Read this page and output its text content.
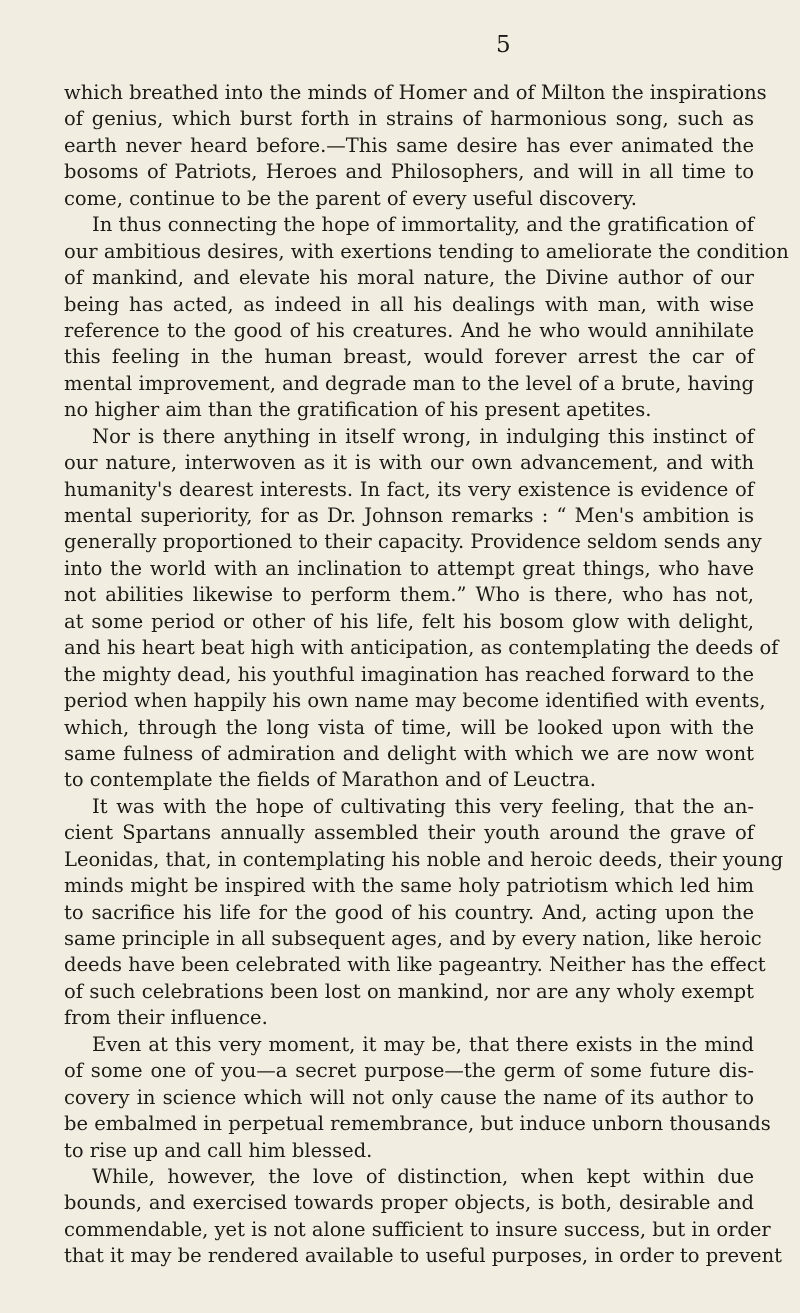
5
which breathed into the minds of Homer and of Milton the inspirations
of genius, which burst forth in strains of harmonious song, such as
earth never heard before.—This same desire has ever animated the
bosoms of Patriots, Heroes and Philosophers, and will in all time to
come, continue to be the parent of every useful discovery.
In thus connecting the hope of immortality, and the gratification of
our ambitious desires, with exertions tending to ameliorate the condition
of mankind, and elevate his moral nature, the Divine author of our
being has acted, as indeed in all his dealings with man, with wise
reference to the good of his creatures. And he who would annihilate
this feeling in the human breast, would forever arrest the car of
mental improvement, and degrade man to the level of a brute, having
no higher aim than the gratification of his present apetites.
Nor is there anything in itself wrong, in indulging this instinct of
our nature, interwoven as it is with our own advancement, and with
humanity's dearest interests. In fact, its very existence is evidence of
mental superiority, for as Dr. Johnson remarks : “ Men's ambition is
generally proportioned to their capacity. Providence seldom sends any
into the world with an inclination to attempt great things, who have
not abilities likewise to perform them.” Who is there, who has not,
at some period or other of his life, felt his bosom glow with delight,
and his heart beat high with anticipation, as contemplating the deeds of
the mighty dead, his youthful imagination has reached forward to the
period when happily his own name may become identified with events,
which, through the long vista of time, will be looked upon with the
same fulness of admiration and delight with which we are now wont
to contemplate the fields of Marathon and of Leuctra.
It was with the hope of cultivating this very feeling, that the an-
cient Spartans annually assembled their youth around the grave of
Leonidas, that, in contemplating his noble and heroic deeds, their young
minds might be inspired with the same holy patriotism which led him
to sacrifice his life for the good of his country. And, acting upon the
same principle in all subsequent ages, and by every nation, like heroic
deeds have been celebrated with like pageantry. Neither has the effect
of such celebrations been lost on mankind, nor are any wholy exempt
from their influence.
Even at this very moment, it may be, that there exists in the mind
of some one of you—a secret purpose—the germ of some future dis-
covery in science which will not only cause the name of its author to
be embalmed in perpetual remembrance, but induce unborn thousands
to rise up and call him blessed.
While, however, the love of distinction, when kept within due
bounds, and exercised towards proper objects, is both, desirable and
commendable, yet is not alone sufficient to insure success, but in order
that it may be rendered available to useful purposes, in order to prevent
